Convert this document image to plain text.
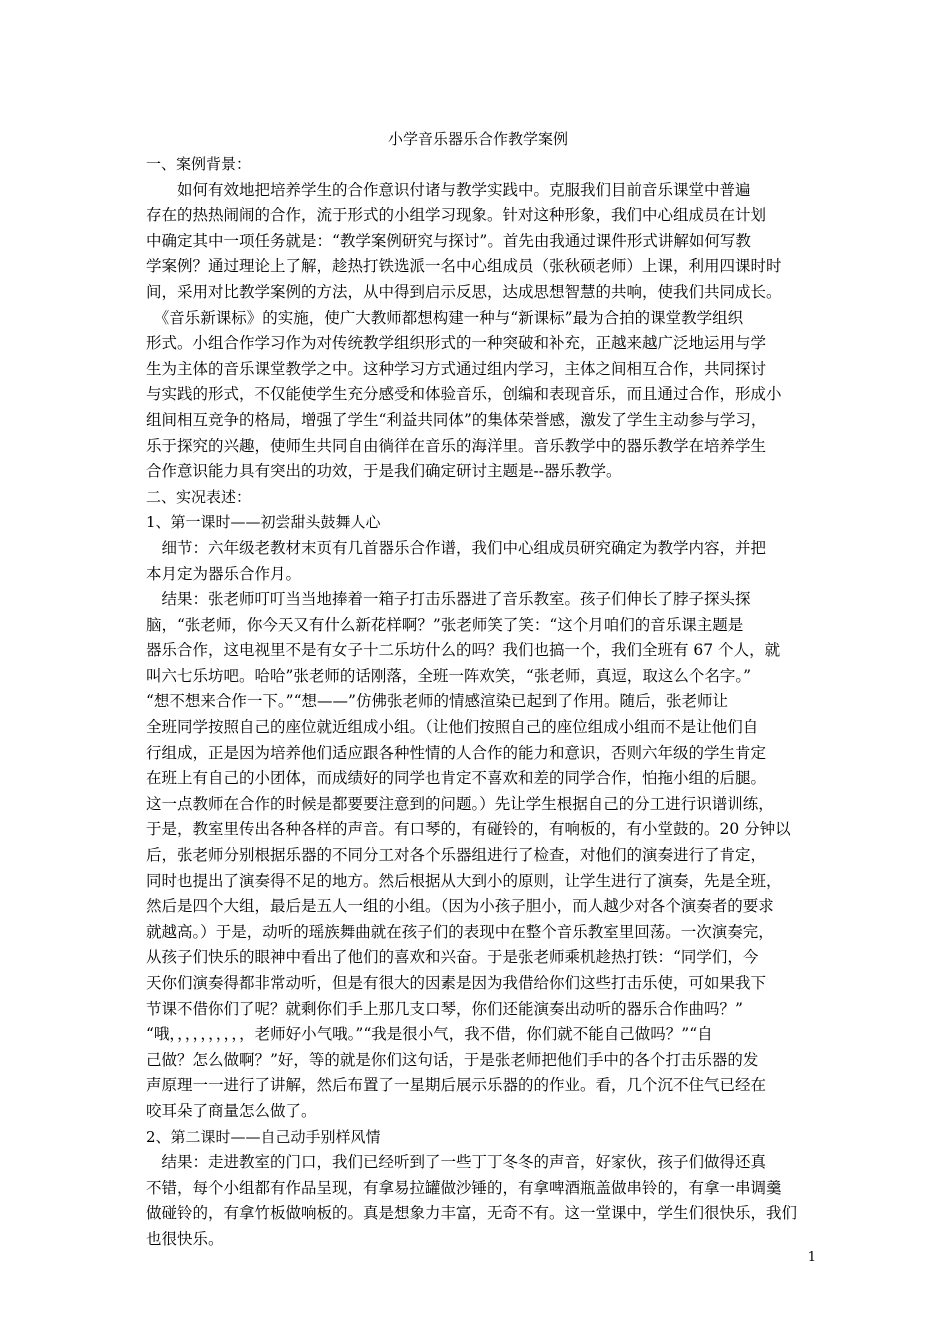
小学音乐器乐合作教学案例
一、案例背景：
　　如何有效地把培养学生的合作意识付诸与教学实践中。克服我们目前音乐课堂中普遍
存在的热热闹闹的合作，流于形式的小组学习现象。针对这种形象，我们中心组成员在计划
中确定其中一项任务就是：“教学案例研究与探讨”。首先由我通过课件形式讲解如何写教
学案例？通过理论上了解，趁热打铁选派一名中心组成员（张秋硕老师）上课，利用四课时时
间，采用对比教学案例的方法，从中得到启示反思，达成思想智慧的共响，使我们共同成长。
　《音乐新课标》的实施，使广大教师都想构建一种与“新课标”最为合拍的课堂教学组织
形式。小组合作学习作为对传统教学组织形式的一种突破和补充，正越来越广泛地运用与学
生为主体的音乐课堂教学之中。这种学习方式通过组内学习，主体之间相互合作，共同探讨
与实践的形式，不仅能使学生充分感受和体验音乐，创编和表现音乐，而且通过合作，形成小
组间相互竞争的格局，增强了学生“利益共同体”的集体荣誉感，激发了学生主动参与学习，
乐于探究的兴趣，使师生共同自由徜徉在音乐的海洋里。音乐教学中的器乐教学在培养学生
合作意识能力具有突出的功效，于是我们确定研讨主题是--器乐教学。
二、实况表述：
1、第一课时——初尝甜头鼓舞人心
　细节：六年级老教材末页有几首器乐合作谱，我们中心组成员研究确定为教学内容，并把
本月定为器乐合作月。
　结果：张老师叮叮当当地捧着一箱子打击乐器进了音乐教室。孩子们伸长了脖子探头探
脑，“张老师，你今天又有什么新花样啊？”张老师笑了笑：“这个月咱们的音乐课主题是
器乐合作，这电视里不是有女子十二乐坊什么的吗？我们也搞一个，我们全班有 67 个人，就
叫六七乐坊吧。哈哈”张老师的话刚落，全班一阵欢笑，“张老师，真逗，取这么个名字。”
“想不想来合作一下。”“想——”仿佛张老师的情感渲染已起到了作用。随后，张老师让
全班同学按照自己的座位就近组成小组。（让他们按照自己的座位组成小组而不是让他们自
行组成，正是因为培养他们适应跟各种性情的人合作的能力和意识，否则六年级的学生肯定
在班上有自己的小团体，而成绩好的同学也肯定不喜欢和差的同学合作，怕拖小组的后腿。
这一点教师在合作的时候是都要要注意到的问题。）先让学生根据自己的分工进行识谱训练，
于是，教室里传出各种各样的声音。有口琴的，有碰铃的，有响板的，有小堂鼓的。20 分钟以
后，张老师分别根据乐器的不同分工对各个乐器组进行了检查，对他们的演奏进行了肯定，
同时也提出了演奏得不足的地方。然后根据从大到小的原则，让学生进行了演奏，先是全班，
然后是四个大组，最后是五人一组的小组。（因为小孩子胆小，而人越少对各个演奏者的要求
就越高。）于是，动听的瑶族舞曲就在孩子们的表现中在整个音乐教室里回荡。一次演奏完，
从孩子们快乐的眼神中看出了他们的喜欢和兴奋。于是张老师乘机趁热打铁：“同学们，今
天你们演奏得都非常动听，但是有很大的因素是因为我借给你们这些打击乐使，可如果我下
节课不借你们了呢？就剩你们手上那几支口琴，你们还能演奏出动听的器乐合作曲吗？”
“哦，，，，，，，，，，老师好小气哦。”“我是很小气，我不借，你们就不能自己做吗？”“自
己做？怎么做啊？”好，等的就是你们这句话，于是张老师把他们手中的各个打击乐器的发
声原理一一进行了讲解，然后布置了一星期后展示乐器的的作业。看，几个沉不住气已经在
咬耳朵了商量怎么做了。
2、第二课时——自己动手别样风情
　结果：走进教室的门口，我们已经听到了一些丁丁冬冬的声音，好家伙，孩子们做得还真
不错，每个小组都有作品呈现，有拿易拉罐做沙锤的，有拿啤酒瓶盖做串铃的，有拿一串调羹
做碰铃的，有拿竹板做响板的。真是想象力丰富，无奇不有。这一堂课中，学生们很快乐，我们
也很快乐。
1
